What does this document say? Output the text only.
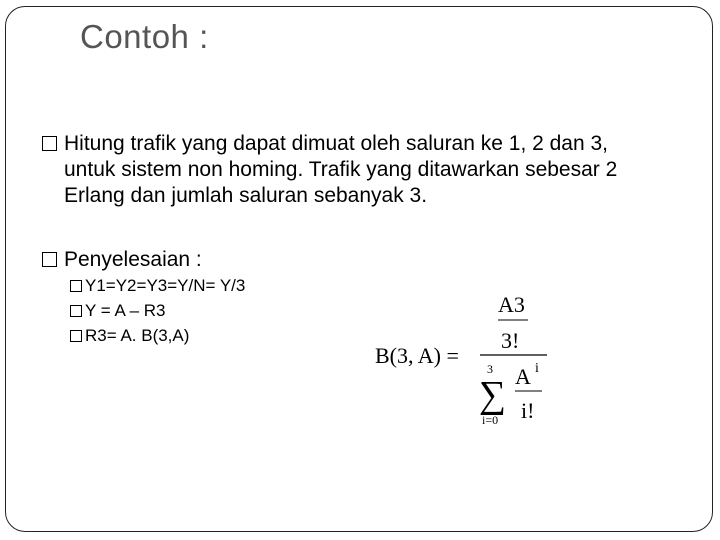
Contoh :
Hitung trafik yang dapat dimuat oleh saluran ke 1, 2 dan 3, untuk sistem non homing. Trafik yang ditawarkan sebesar 2 Erlang dan jumlah saluran sebanyak 3.
Penyelesaian :
Y1=Y2=Y3=Y/N= Y/3
Y = A – R3
R3= A. B(3,A)
B(3, A) =
A3
3!
3
∑
i=0
A i
i!
